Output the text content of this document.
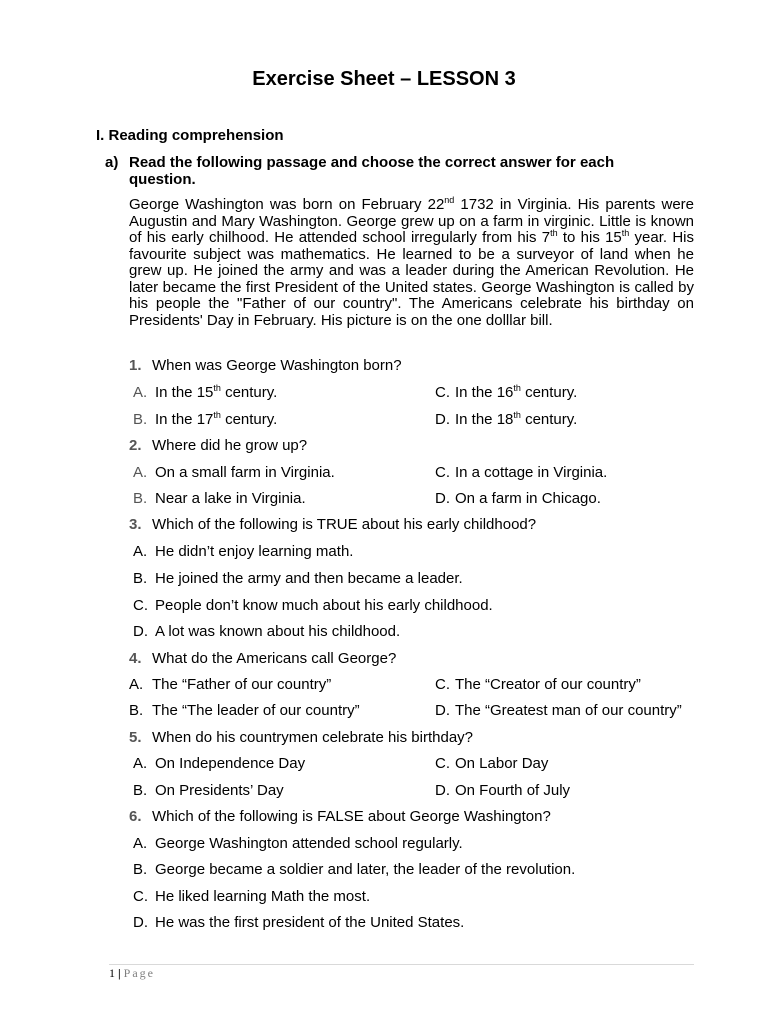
Exercise Sheet – LESSON 3
I. Reading comprehension
a) Read the following passage and choose the correct answer for each question.

George Washington was born on February 22nd 1732 in Virginia. His parents were Augustin and Mary Washington. George grew up on a farm in virginic. Little is known of his early chilhood. He attended school irregularly from his 7th to his 15th year. His favourite subject was mathematics. He learned to be a surveyor of land when he grew up. He joined the army and was a leader during the American Revolution. He later became the first President of the United states. George Washington is called by his people the "Father of our country". The Americans celebrate his birthday on Presidents' Day in February. His picture is on the one dolllar bill.

1. When was George Washington born?
A. In the 15th century.	C. In the 16th century.
B. In the 17th century.	D. In the 18th century.
2. Where did he grow up?
A. On a small farm in Virginia.	C. In a cottage in Virginia.
B. Near a lake in Virginia.	D. On a farm in Chicago.
3. Which of the following is TRUE about his early childhood?
A. He didn’t enjoy learning math.
B. He joined the army and then became a leader.
C. People don’t know much about his early childhood.
D. A lot was known about his childhood.
4. What do the Americans call George?
A. The “Father of our country”	C. The “Creator of our country”
B. The “The leader of our country”	D. The “Greatest man of our country”
5. When do his countrymen celebrate his birthday?
A. On Independence Day	C. On Labor Day
B. On Presidents’ Day	D. On Fourth of July
6. Which of the following is FALSE about George Washington?
A. George Washington attended school regularly.
B. George became a soldier and later, the leader of the revolution.
C. He liked learning Math the most.
D. He was the first president of the United States.
1 | Page
